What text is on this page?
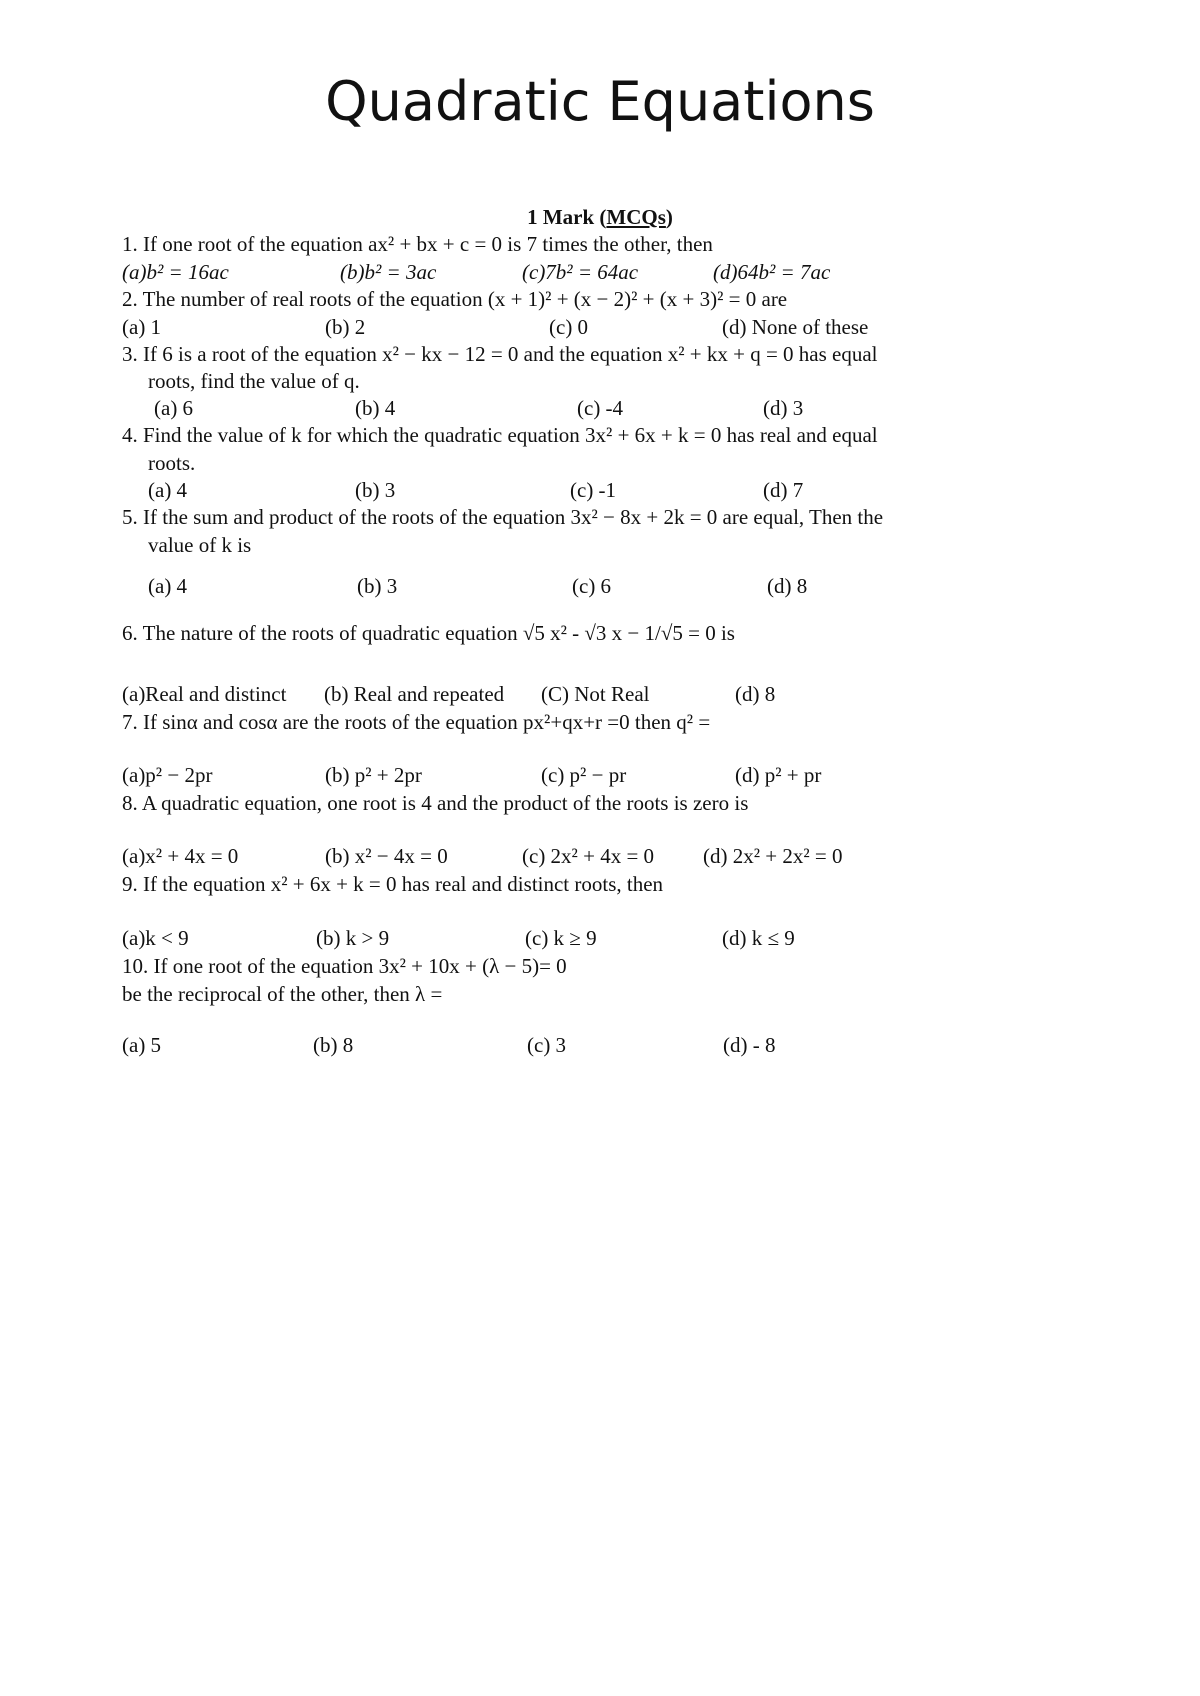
Quadratic Equations
1 Mark (MCQs)
1. If one root of the equation ax² + bx + c = 0 is 7 times the other, then
(a)b² = 16ac	(b)b² = 3ac	(c)7b² = 64ac	(d)64b² = 7ac
2. The number of real roots of the equation (x + 1)² + (x − 2)² + (x + 3)² = 0 are
(a) 1	(b) 2	(c) 0	(d) None of these
3. If 6 is a root of the equation x² − kx − 12 = 0 and the equation x² + kx + q = 0 has equal
roots, find the value of q.
(a) 6	(b) 4	(c) -4	(d) 3
4. Find the value of k for which the quadratic equation 3x² + 6x + k = 0 has real and equal
roots.
(a) 4	(b) 3	(c) -1	(d) 7
5. If the sum and product of the roots of the equation 3x² − 8x + 2k = 0 are equal, Then the
value of k is
(a) 4	(b) 3	(c) 6	(d) 8
6. The nature of the roots of quadratic equation √5 x² - √3 x − 1/√5 = 0 is
(a)Real and distinct (b) Real and repeated (C) Not Real	(d) 8
7. If sinα and cosα are the roots of the equation px²+qx+r =0 then q² =
(a)p² − 2pr	(b) p² + 2pr	(c) p² − pr	(d) p² + pr
8. A quadratic equation, one root is 4 and the product of the roots is zero is
(a)x² + 4x = 0	(b) x² − 4x = 0	(c) 2x² + 4x = 0 (d) 2x² + 2x² = 0
9. If the equation x² + 6x + k = 0 has real and distinct roots, then
(a)k < 9	(b) k > 9	(c) k ≥ 9	(d) k ≤ 9
10. If one root of the equation 3x² + 10x + (λ − 5)= 0
be the reciprocal of the other, then λ =
(a) 5	(b) 8	(c) 3	(d) - 8
